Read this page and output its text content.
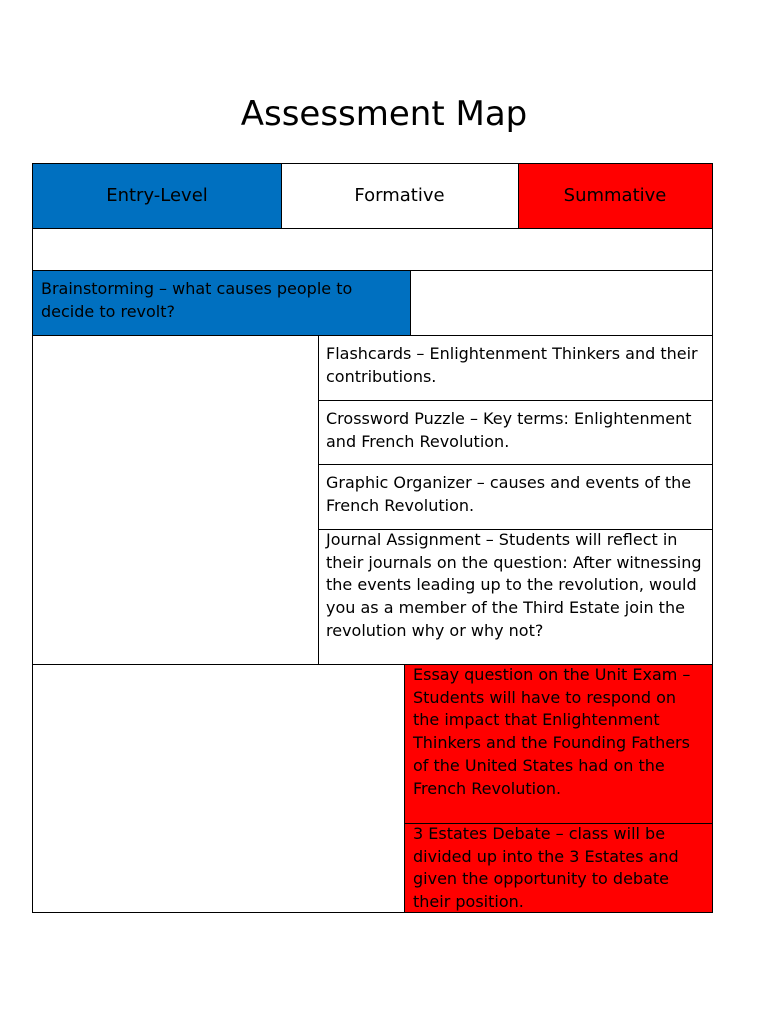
Assessment Map
Entry-Level	Formative	Summative
Brainstorming – what causes people to decide to revolt?
Flashcards – Enlightenment Thinkers and their contributions.
Crossword Puzzle – Key terms: Enlightenment and French Revolution.
Graphic Organizer – causes and events of the French Revolution.
Journal Assignment – Students will reflect in their journals on the question: After witnessing the events leading up to the revolution, would you as a member of the Third Estate join the revolution why or why not?
Essay question on the Unit Exam – Students will have to respond on the impact that Enlightenment Thinkers and the Founding Fathers of the United States had on the French Revolution.
3 Estates Debate – class will be divided up into the 3 Estates and given the opportunity to debate their position.
